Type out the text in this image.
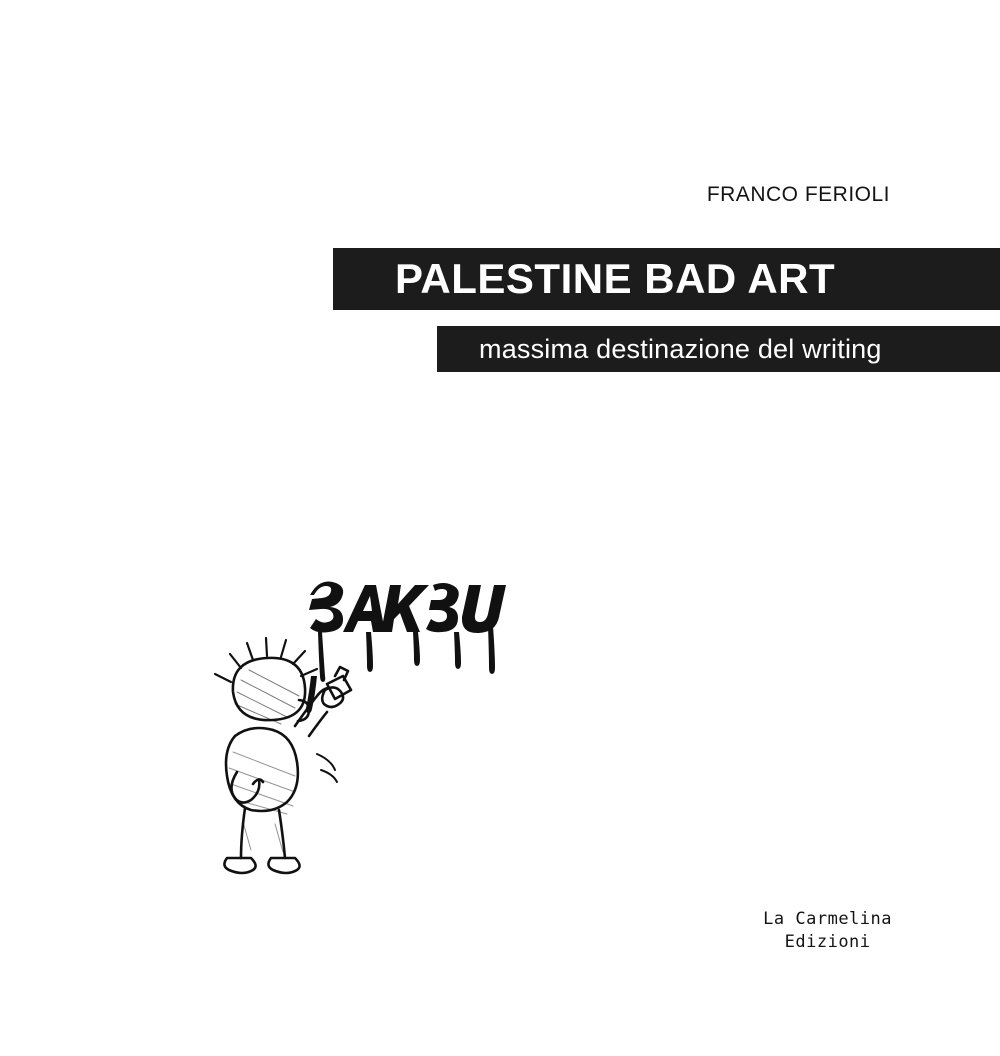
FRANCO FERIOLI
PALESTINE BAD ART
massima destinazione del writing
La Carmelina
Edizioni
